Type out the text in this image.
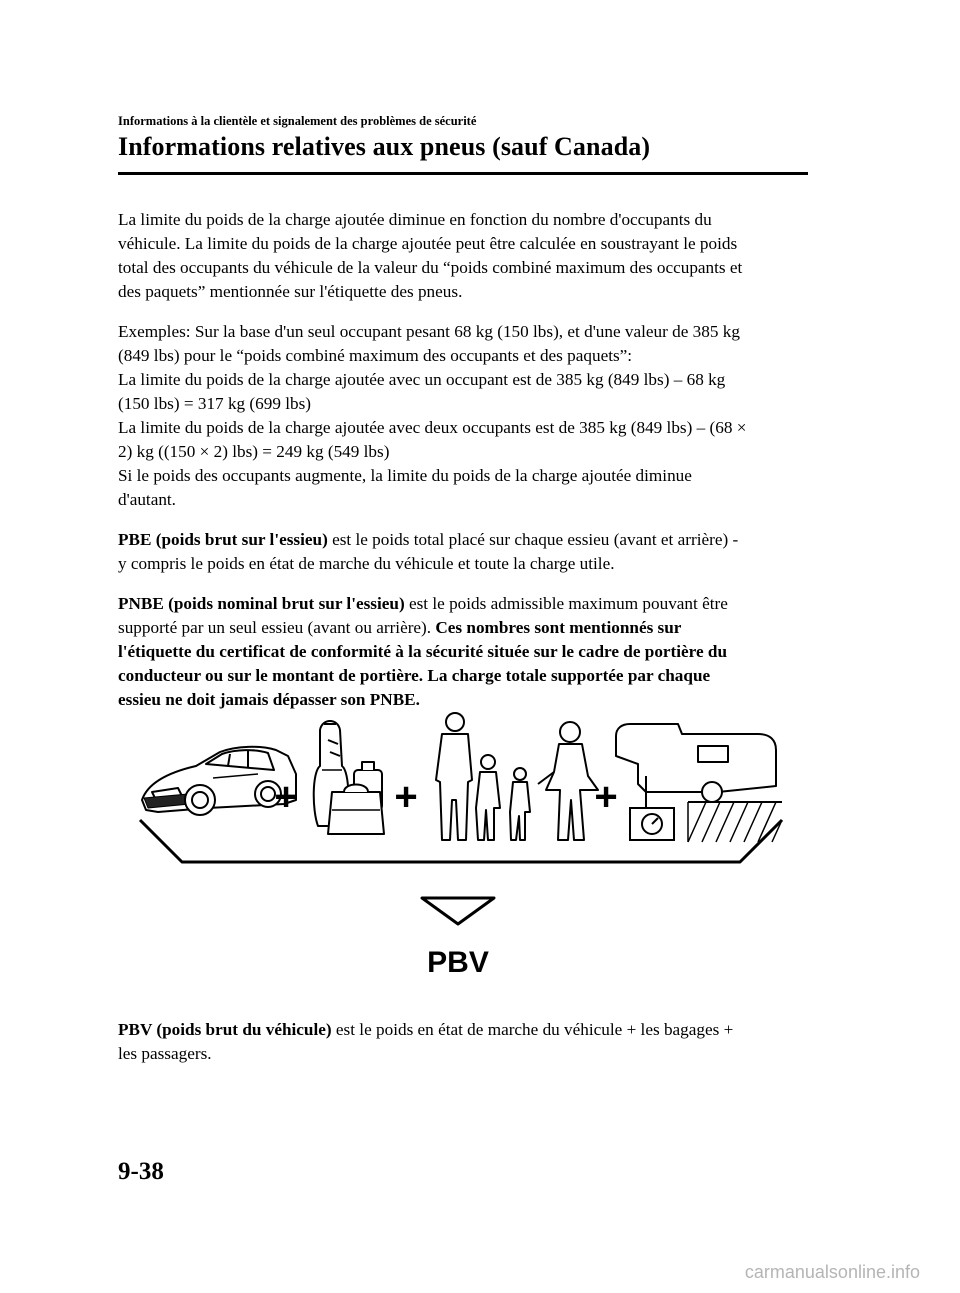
Informations à la clientèle et signalement des problèmes de sécurité
Informations relatives aux pneus (sauf Canada)

La limite du poids de la charge ajoutée diminue en fonction du nombre d'occupants du
véhicule. La limite du poids de la charge ajoutée peut être calculée en soustrayant le poids
total des occupants du véhicule de la valeur du “poids combiné maximum des occupants et
des paquets” mentionnée sur l'étiquette des pneus.

Exemples: Sur la base d'un seul occupant pesant 68 kg (150 lbs), et d'une valeur de 385 kg
(849 lbs) pour le “poids combiné maximum des occupants et des paquets”:
La limite du poids de la charge ajoutée avec un occupant est de 385 kg (849 lbs) – 68 kg
(150 lbs) = 317 kg (699 lbs)
La limite du poids de la charge ajoutée avec deux occupants est de 385 kg (849 lbs) – (68 ×
2) kg ((150 × 2) lbs) = 249 kg (549 lbs)
Si le poids des occupants augmente, la limite du poids de la charge ajoutée diminue
d'autant.

PBE (poids brut sur l'essieu) est le poids total placé sur chaque essieu (avant et arrière) -
y compris le poids en état de marche du véhicule et toute la charge utile.

PNBE (poids nominal brut sur l'essieu) est le poids admissible maximum pouvant être
supporté par un seul essieu (avant ou arrière). Ces nombres sont mentionnés sur
l'étiquette du certificat de conformité à la sécurité située sur le cadre de portière du
conducteur ou sur le montant de portière. La charge totale supportée par chaque
essieu ne doit jamais dépasser son PNBE.

+ +	+
PBV
PBV (poids brut du véhicule) est le poids en état de marche du véhicule + les bagages +
les passagers.
9-38
carmanualsonline.info
